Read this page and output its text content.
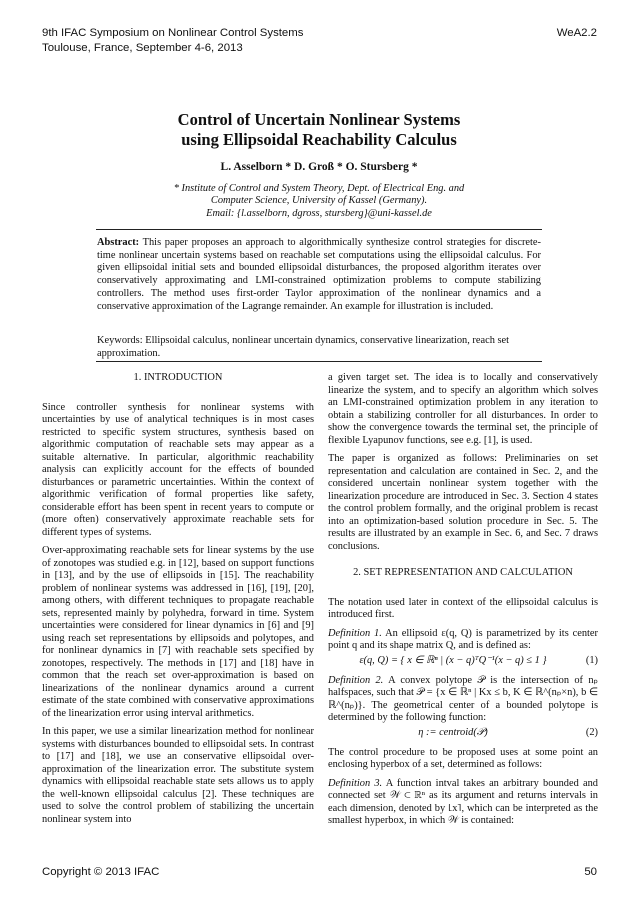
9th IFAC Symposium on Nonlinear Control Systems
Toulouse, France, September 4-6, 2013
WeA2.2
Control of Uncertain Nonlinear Systems
using Ellipsoidal Reachability Calculus
L. Asselborn * D. Groß * O. Stursberg *
* Institute of Control and System Theory, Dept. of Electrical Eng. and
Computer Science, University of Kassel (Germany).
Email: {l.asselborn, dgross, stursberg}@uni-kassel.de
Abstract: This paper proposes an approach to algorithmically synthesize control strategies for discrete-time nonlinear uncertain systems based on reachable set computations using the ellipsoidal calculus. For given ellipsoidal initial sets and bounded ellipsoidal disturbances, the proposed algorithm iterates over conservatively approximating and LMI-constrained optimization problems to compute stabilizing controllers. The method uses first-order Taylor approximation of the nonlinear dynamics and a conservative approximation of the Lagrange remainder. An example for illustration is included.
Keywords: Ellipsoidal calculus, nonlinear uncertain dynamics, conservative linearization, reach set approximation.
1. INTRODUCTION

Since controller synthesis for nonlinear systems with uncertainties by use of analytical techniques is in most cases restricted to specific system structures, synthesis based on algorithmic computation of reachable sets may appear as a suitable alternative. In particular, algorithmic reachability analysis can explicitly account for the effects of bounded disturbances or parametric uncertainties. Within the context of algorithmic verification of formal properties like safety, considerable effort has been spent in recent years to compute or (more often) conservatively approximate reachable sets for different types of systems.

Over-approximating reachable sets for linear systems by the use of zonotopes was studied e.g. in [12], based on support functions in [13], and by the use of ellipsoids in [15]. The reachability problem of nonlinear systems was addressed in [16], [19], [20], among others, with different techniques to propagate reachable sets, represented mainly by polyhedra, forward in time. System uncertainties were considered for linear dynamics in [6] and [9] using reach set representations by ellipsoids and polytopes, and for nonlinear dynamics in [7] with reachable sets specified by zonotopes, respectively. The methods in [17] and [18] have in common that the reach set over-approximation is based on linearizations of the nonlinear dynamics around a current estimate of the state combined with conservative approximations of the linearization error using interval arithmetics.

In this paper, we use a similar linearization method for nonlinear systems with disturbances bounded to ellipsoidal sets. In contrast to [17] and [18], we use an conservative ellipsoidal over-approximation of the linearization error. The substitute system dynamics with ellipsoidal reachable state sets allows us to apply the well-known ellipsoidal calculus [2]. These techniques are used to solve the control problem of stabilizing the uncertain nonlinear system into

a given target set. The idea is to locally and conservatively linearize the system, and to specify an algorithm which solves an LMI-constrained optimization problem in any iteration to obtain a stabilizing controller for all disturbances. In order to show the convergence towards the terminal set, the principle of flexible Lyapunov functions, see e.g. [1], is used.

The paper is organized as follows: Preliminaries on set representation and calculation are contained in Sec. 2, and the considered uncertain nonlinear system together with the linearization procedure are introduced in Sec. 3. Section 4 states the control problem formally, and the original problem is recast into an optimization-based solution procedure in Sec. 5. The results are illustrated by an example in Sec. 6, and Sec. 7 draws conclusions.

2. SET REPRESENTATION AND CALCULATION

The notation used later in context of the ellipsoidal calculus is introduced first.

Definition 1. An ellipsoid ε(q, Q) is parametrized by its center point q and its shape matrix Q, and is defined as:

ε(q, Q) = { x ∈ ℝⁿ | (x − q)ᵀQ⁻¹(x − q) ≤ 1 }	(1)

Definition 2. A convex polytope 𝒫 is the intersection of nₚ halfspaces, such that 𝒫 = {x ∈ ℝⁿ | Kx ≤ b, K ∈ ℝ^(nₚ×n), b ∈ ℝ^(nₚ)}. The geometrical center of a bounded polytope is determined by the following function:

η := centroid(𝒫)	(2)

The control procedure to be proposed uses at some point an enclosing hyperbox of a set, determined as follows:

Definition 3. A function intval takes an arbitrary bounded and connected set 𝒲 ⊂ ℝⁿ as its argument and returns intervals in each dimension, denoted by ⌊x⌉, which can be interpreted as the smallest hyperbox, in which 𝒲 is contained:

Copyright © 2013 IFAC	50
